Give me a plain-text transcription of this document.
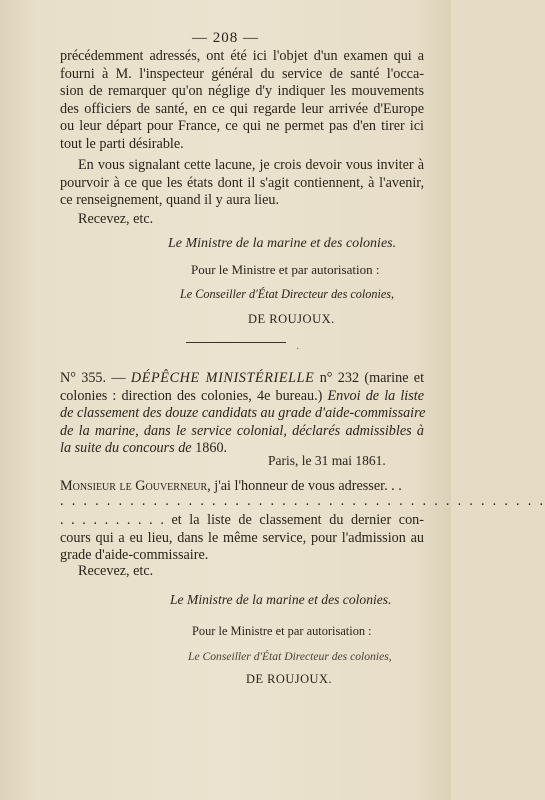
— 208 —
précédemment adressés, ont été ici l'objet d'un examen qui a
fourni à M. l'inspecteur général du service de santé l'occa-
sion de remarquer qu'on néglige d'y indiquer les mouvements
des officiers de santé, en ce qui regarde leur arrivée d'Europe
ou leur départ pour France, ce qui ne permet pas d'en tirer ici
tout le parti désirable.
En vous signalant cette lacune, je crois devoir vous inviter à
pourvoir à ce que les états dont il s'agit contiennent, à l'avenir,
ce renseignement, quand il y aura lieu.
Recevez, etc.
Le Ministre de la marine et des colonies.
Pour le Ministre et par autorisation :
Le Conseiller d'État Directeur des colonies,
DE ROUJOUX.
·
N° 355. — DÉPÊCHE MINISTÉRIELLE n° 232 (marine et
colonies : direction des colonies, 4e bureau.) Envoi de la liste
de classement des douze candidats au grade d'aide-commissaire
de la marine, dans le service colonial, déclarés admissibles à
la suite du concours de 1860.
Paris, le 31 mai 1861.
Monsieur le Gouverneur, j'ai l'honneur de vous adresser. . .
. . . . . . . . . . . . . . . . . . . . . . . . . . . . . . . . . . . . . . . . . .
. . . . . . . . . . et la liste de classement du dernier con-
cours qui a eu lieu, dans le même service, pour l'admission au
grade d'aide-commissaire.
Recevez, etc.
Le Ministre de la marine et des colonies.
Pour le Ministre et par autorisation :
Le Conseiller d'État Directeur des colonies,
DE ROUJOUX.
